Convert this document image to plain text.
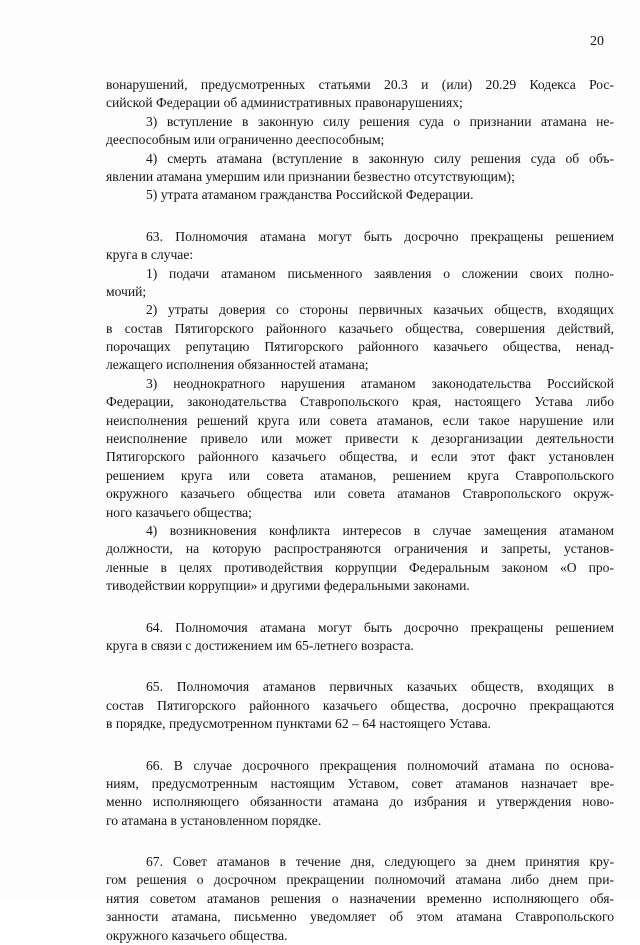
20
вонарушений, предусмотренных статьями 20.3 и (или) 20.29 Кодекса Рос-
сийской Федерации об административных правонарушениях;
3) вступление в законную силу решения суда о признании атамана не-
дееспособным или ограниченно дееспособным;
4) смерть атамана (вступление в законную силу решения суда об объ-
явлении атамана умершим или признании безвестно отсутствующим);
5) утрата атаманом гражданства Российской Федерации.
63. Полномочия атамана могут быть досрочно прекращены решением
круга в случае:
1) подачи атаманом письменного заявления о сложении своих полно-
мочий;
2) утраты доверия со стороны первичных казачьих обществ, входящих
в состав Пятигорского районного казачьего общества, совершения действий,
порочащих репутацию Пятигорского районного казачьего общества, ненад-
лежащего исполнения обязанностей атамана;
3) неоднократного нарушения атаманом законодательства Российской
Федерации, законодательства Ставропольского края, настоящего Устава либо
неисполнения решений круга или совета атаманов, если такое нарушение или
неисполнение привело или может привести к дезорганизации деятельности
Пятигорского районного казачьего общества, и если этот факт установлен
решением круга или совета атаманов, решением круга Ставропольского
окружного казачьего общества или совета атаманов Ставропольского окруж-
ного казачьего общества;
4) возникновения конфликта интересов в случае замещения атаманом
должности, на которую распространяются ограничения и запреты, установ-
ленные в целях противодействия коррупции Федеральным законом «О про-
тиводействии коррупции» и другими федеральными законами.
64. Полномочия атамана могут быть досрочно прекращены решением
круга в связи с достижением им 65-летнего возраста.
65. Полномочия атаманов первичных казачьих обществ, входящих в
состав Пятигорского районного казачьего общества, досрочно прекращаются
в порядке, предусмотренном пунктами 62 – 64 настоящего Устава.
66. В случае досрочного прекращения полномочий атамана по основа-
ниям, предусмотренным настоящим Уставом, совет атаманов назначает вре-
менно исполняющего обязанности атамана до избрания и утверждения ново-
го атамана в установленном порядке.
67. Совет атаманов в течение дня, следующего за днем принятия кру-
гом решения о досрочном прекращении полномочий атамана либо днем при-
нятия советом атаманов решения о назначении временно исполняющего обя-
занности атамана, письменно уведомляет об этом атамана Ставропольского
окружного казачьего общества.
